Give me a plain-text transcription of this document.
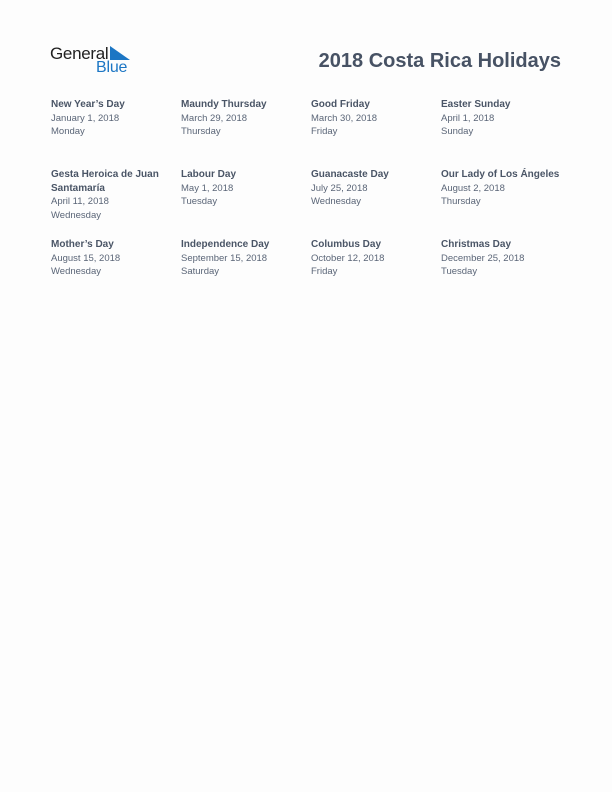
General
Blue	2018 Costa Rica Holidays
New Year’s Day
January 1, 2018
Monday
Maundy Thursday
March 29, 2018
Thursday
Good Friday
March 30, 2018
Friday
Easter Sunday
April 1, 2018
Sunday
Gesta Heroica de Juan Santamaría
April 11, 2018
Wednesday
Labour Day
May 1, 2018
Tuesday
Guanacaste Day
July 25, 2018
Wednesday
Our Lady of Los Ángeles
August 2, 2018
Thursday
Mother’s Day
August 15, 2018
Wednesday
Independence Day
September 15, 2018
Saturday
Columbus Day
October 12, 2018
Friday
Christmas Day
December 25, 2018
Tuesday
